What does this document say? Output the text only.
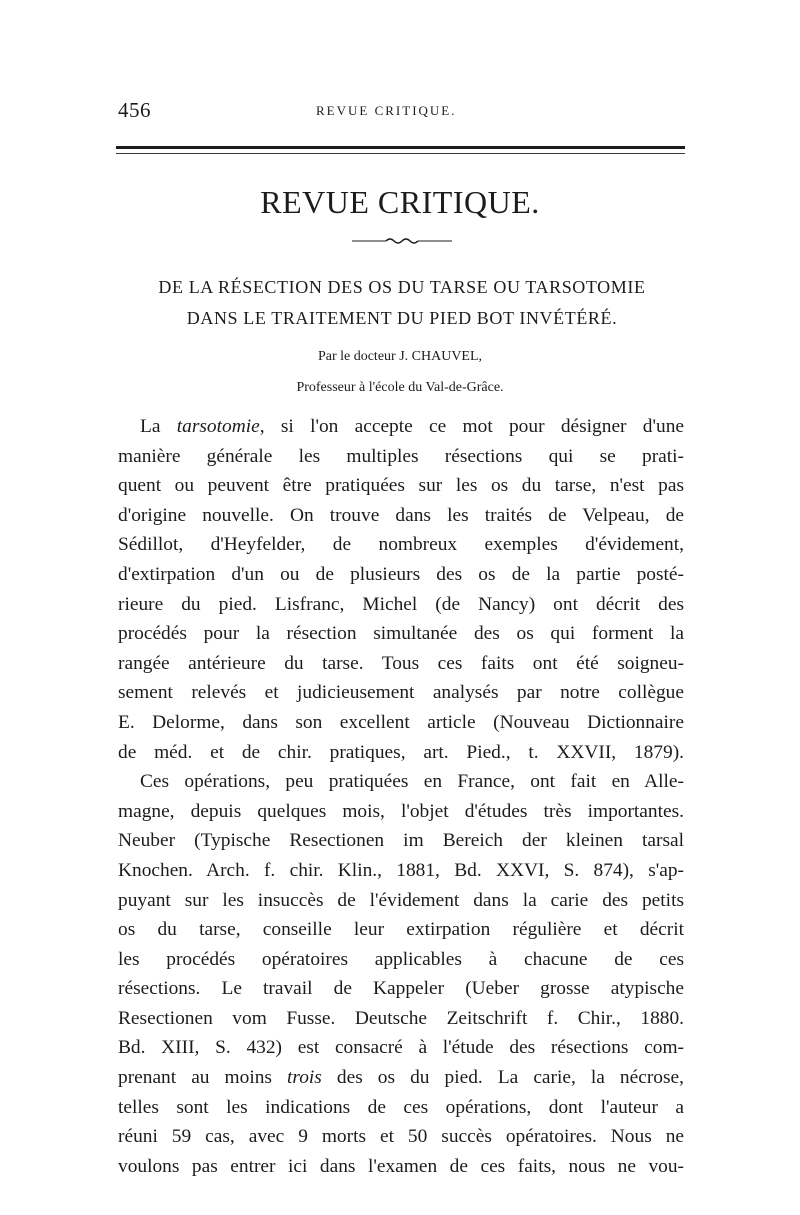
456	REVUE CRITIQUE.
REVUE CRITIQUE.
DE LA RÉSECTION DES OS DU TARSE OU TARSOTOMIE
DANS LE TRAITEMENT DU PIED BOT INVÉTÉRÉ.
Par le docteur J. CHAUVEL,
Professeur à l'école du Val-de-Grâce.
La tarsotomie, si l'on accepte ce mot pour désigner d'une
manière générale les multiples résections qui se prati-
quent ou peuvent être pratiquées sur les os du tarse, n'est pas
d'origine nouvelle. On trouve dans les traités de Velpeau, de
Sédillot, d'Heyfelder, de nombreux exemples d'évidement,
d'extirpation d'un ou de plusieurs des os de la partie posté-
rieure du pied. Lisfranc, Michel (de Nancy) ont décrit des
procédés pour la résection simultanée des os qui forment la
rangée antérieure du tarse. Tous ces faits ont été soigneu-
sement relevés et judicieusement analysés par notre collègue
E. Delorme, dans son excellent article (Nouveau Dictionnaire
de méd. et de chir. pratiques, art. Pied., t. XXVII, 1879).
Ces opérations, peu pratiquées en France, ont fait en Alle-
magne, depuis quelques mois, l'objet d'études très importantes.
Neuber (Typische Resectionen im Bereich der kleinen tarsal
Knochen. Arch. f. chir. Klin., 1881, Bd. XXVI, S. 874), s'ap-
puyant sur les insuccès de l'évidement dans la carie des petits
os du tarse, conseille leur extirpation régulière et décrit
les procédés opératoires applicables à chacune de ces
résections. Le travail de Kappeler (Ueber grosse atypische
Resectionen vom Fusse. Deutsche Zeitschrift f. Chir., 1880.
Bd. XIII, S. 432) est consacré à l'étude des résections com-
prenant au moins trois des os du pied. La carie, la nécrose,
telles sont les indications de ces opérations, dont l'auteur a
réuni 59 cas, avec 9 morts et 50 succès opératoires. Nous ne
voulons pas entrer ici dans l'examen de ces faits, nous ne vou-
